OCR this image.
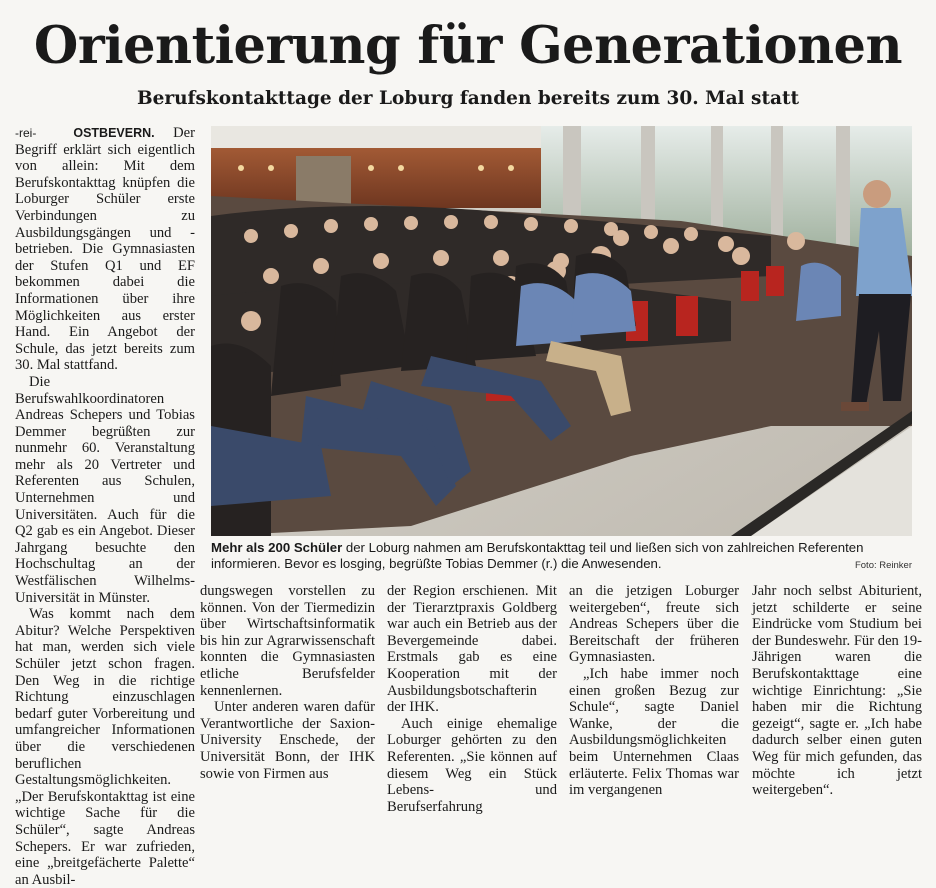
Orientierung für Generationen
Berufskontakttage der Loburg fanden bereits zum 30. Mal statt

-rei-	OSTBEVERN. Der Begriff erklärt sich eigentlich von allein: Mit dem Berufskontakttag knüpfen die Loburger Schüler erste Verbindungen zu Ausbildungsgängen und -betrieben. Die Gymnasiasten der Stufen Q1 und EF bekommen dabei die Informationen über ihre Möglichkeiten aus erster Hand. Ein Angebot der Schule, das jetzt bereits zum 30. Mal stattfand.

Die Berufswahlkoordinatoren Andreas Schepers und Tobias Demmer begrüßten zur nunmehr 60. Veranstaltung mehr als 20 Vertreter und Referenten aus Schulen, Unternehmen und Universitäten. Auch für die Q2 gab es ein Angebot. Dieser Jahrgang besuchte den Hochschultag an der Westfälischen Wilhelms-Universität in Münster.

Was kommt nach dem Abitur? Welche Perspektiven hat man, werden sich viele Schüler jetzt schon fragen. Den Weg in die richtige Richtung einzuschlagen bedarf guter Vorbereitung und umfangreicher Informationen über die verschiedenen beruflichen Gestaltungsmöglichkeiten. „Der Berufskontakttag ist eine wichtige Sache für die Schüler“, sagte Andreas Schepers. Er war zufrieden, eine „breitgefächerte Palette“ an Ausbil-

Mehr als 200 Schüler der Loburg nahmen am Berufskontakttag teil und ließen sich von zahlreichen Referenten informieren. Bevor es losging, begrüßte Tobias Demmer (r.) die Anwesenden.	Foto: Reinker

dungswegen vorstellen zu können. Von der Tiermedizin über Wirtschaftsinformatik bis hin zur Agrarwissenschaft konnten die Gymnasiasten etliche Berufsfelder kennenlernen.

Unter anderen waren dafür Verantwortliche der Saxion-University Enschede, der Universität Bonn, der IHK sowie von Firmen aus

der Region erschienen. Mit der Tierarztpraxis Goldberg war auch ein Betrieb aus der Bevergemeinde dabei. Erstmals gab es eine Kooperation mit der Ausbildungsbotschafterin der IHK.

Auch einige ehemalige Loburger gehörten zu den Referenten. „Sie können auf diesem Weg ein Stück Lebens- und Berufserfahrung

an die jetzigen Loburger weitergeben“, freute sich Andreas Schepers über die Bereitschaft der früheren Gymnasiasten.

„Ich habe immer noch einen großen Bezug zur Schule“, sagte Daniel Wanke, der die Ausbildungsmöglichkeiten beim Unternehmen Claas erläuterte. Felix Thomas war im vergangenen

Jahr noch selbst Abiturient, jetzt schilderte er seine Eindrücke vom Studium bei der Bundeswehr. Für den 19-Jährigen waren die Berufskontakttage eine wichtige Einrichtung: „Sie haben mir die Richtung gezeigt“, sagte er. „Ich habe dadurch selber einen guten Weg für mich gefunden, das möchte ich jetzt weitergeben“.
